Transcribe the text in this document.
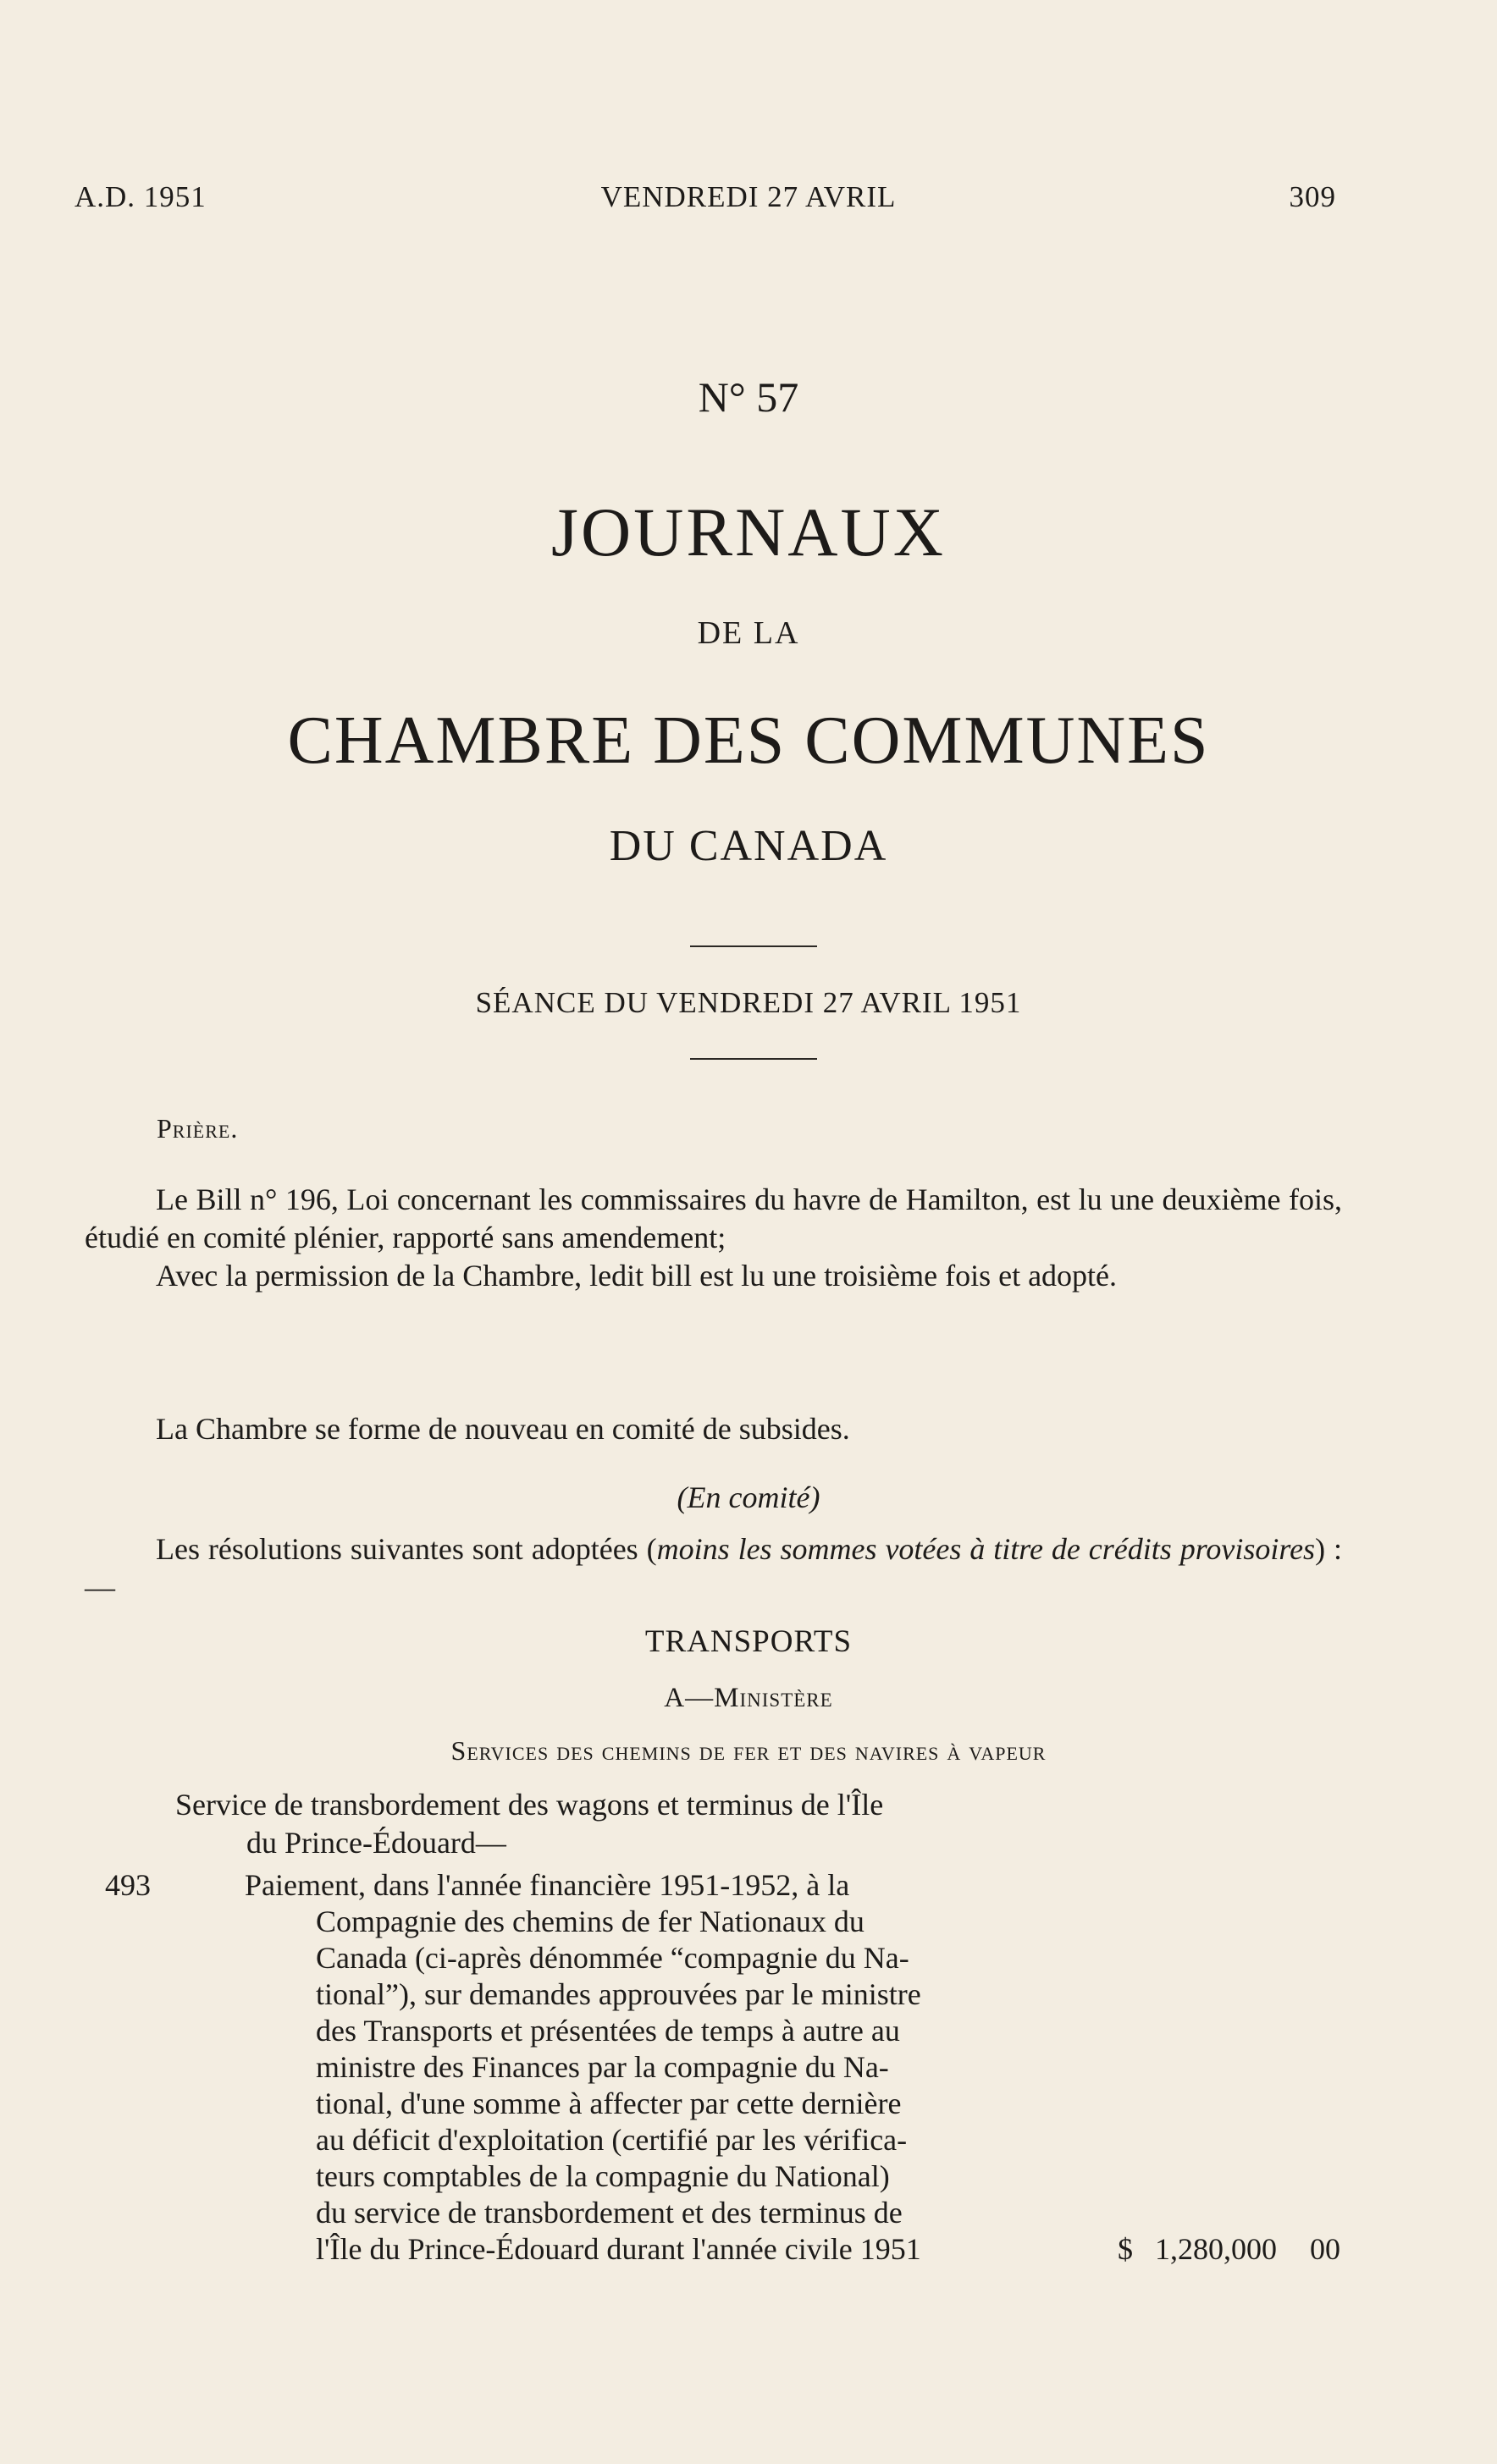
A.D. 1951	VENDREDI 27 AVRIL	309
N° 57
JOURNAUX
DE LA
CHAMBRE DES COMMUNES
DU CANADA
SÉANCE DU VENDREDI 27 AVRIL 1951
Prière.
Le Bill n° 196, Loi concernant les commissaires du havre de Hamilton, est lu une deuxième fois, étudié en comité plénier, rapporté sans amendement;
Avec la permission de la Chambre, ledit bill est lu une troisième fois et adopté.
La Chambre se forme de nouveau en comité de subsides.
(En comité)
Les résolutions suivantes sont adoptées (moins les sommes votées à titre de crédits provisoires) :—
TRANSPORTS
A—Ministère
Services des chemins de fer et des navires à vapeur
Service de transbordement des wagons et terminus de l'Île
du Prince-Édouard—
493	Paiement, dans l'année financière 1951-1952, à la
Compagnie des chemins de fer Nationaux du
Canada (ci-après dénommée “compagnie du Na-
tional”), sur demandes approuvées par le ministre
des Transports et présentées de temps à autre au
ministre des Finances par la compagnie du Na-
tional, d'une somme à affecter par cette dernière
au déficit d'exploitation (certifié par les vérifica-
teurs comptables de la compagnie du National)
du service de transbordement et des terminus de
l'Île du Prince-Édouard durant l'année civile 1951	$ 1,280,000 00
